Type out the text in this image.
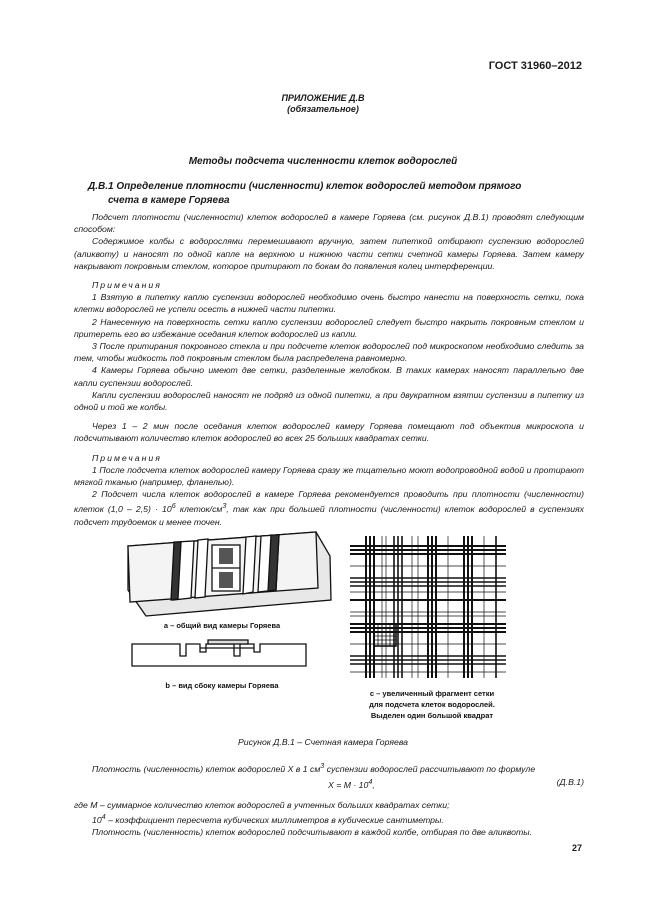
ГОСТ 31960–2012
ПРИЛОЖЕНИЕ Д.В
(обязательное)
Методы подсчета численности клеток водорослей
Д.В.1 Определение плотности (численности) клеток водорослей методом прямого
счета в камере Горяева

Подсчет плотности (численности) клеток водорослей в камере Горяева (см. рисунок Д.В.1) проводят следующим способом:

Содержимое колбы с водорослями перемешивают вручную, затем пипеткой отбирают суспензию водорослей (аликвоту) и наносят по одной капле на верхнюю и нижнюю части сетки счетной камеры Горяева. Затем камеру накрывают покровным стеклом, которое притирают по бокам до появления колец интерференции.

Примечания

1 Взятую в пипетку каплю суспензии водорослей необходимо очень быстро нанести на поверхность сетки, пока клетки водорослей не успели осесть в нижней части пипетки.

2 Нанесенную на поверхность сетки каплю суспензии водорослей следует быстро накрыть покровным стеклом и притереть его во избежание оседания клеток водорослей из капли.

3 После притирания покровного стекла и при подсчете клеток водорослей под микроскопом необходимо следить за тем, чтобы жидкость под покровным стеклом была распределена равномерно.

4 Камеры Горяева обычно имеют две сетки, разделенные желобком. В таких камерах наносят параллельно две капли суспензии водорослей.

Капли суспензии водорослей наносят не подряд из одной пипетки, а при двукратном взятии суспензии в пипетку из одной и той же колбы.

Через 1 – 2 мин после оседания клеток водорослей камеру Горяева помещают под объектив микроскопа и подсчитывают количество клеток водорослей во всех 25 больших квадратах сетки.

Примечания

1 После подсчета клеток водорослей камеру Горяева сразу же тщательно моют водопроводной водой и протирают мягкой тканью (например, фланелью).

2 Подсчет числа клеток водорослей в камере Горяева рекомендуется проводить при плотности (численности) клеток $(1,0 - 2,5) \cdot 10^6$ клеток/$см^3$, так как при большей плотности (численности) клеток водорослей в суспензиях подсчет трудоемок и менее точен.

а – общий вид камеры Горяева
b – вид сбоку камеры Горяева
с – увеличенный фрагмент сетки
для подсчета клеток водорослей.
Выделен один большой квадрат
Рисунок Д.В.1 – Счетная камера Горяева

Плотность (численность) клеток водорослей X в 1 $см^3$ суспензии водорослей рассчитывают по формуле

$X = M \cdot 10^4$,	(Д.В.1)

где M – суммарное количество клеток водорослей в учтенных больших квадратах сетки;

$10^4$ – коэффициент пересчета кубических миллиметров в кубические сантиметры.

Плотность (численность) клеток водорослей подсчитывают в каждой колбе, отбирая по две аликвоты.

27
